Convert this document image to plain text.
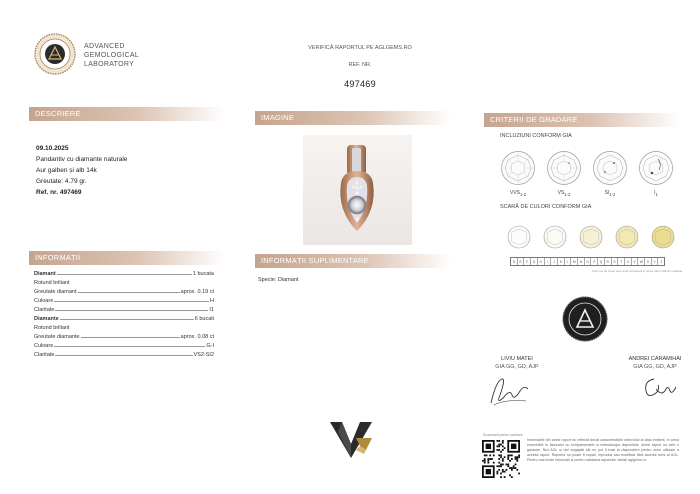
ADVANCED
GEMOLOGICAL
LABORATORY
VERIFICĂ RAPORTUL PE AGLGEMS.RO
REF. NR.
497469
DESCRIERE	IMAGINE	CRITERII DE GRADARE
INFORMAȚII	INFORMAȚII SUPLIMENTARE
09.10.2025
Pandantiv cu diamante naturale
Aur galben și alb 14k
Greutate: 4.79 gr.
Ref. nr. 497469
Diamant	1 bucata
Rotund briliant
Greutate diamant	aprox. 0.19 ct
Culoare	H
Claritate	I1
Diamante	6 bucati
Rotund briliant
Greutate diamante	aprox. 0.08 ct
Culoare	G-I
Claritate	VS2-SI2
Specie: Diamant
INCLUZIUNI CONFORM GIA
$VVS_{1-2}$	$VS_{1-2}$	$SI_{1-2}$	$I_1$
SCARĂ DE CULORI CONFORM GIA
D	E	F	G	H	I	J	K	L	M	N	O	P	Q	R	S	T	U	V	W	X	Y	Z
Schema de culori este doar ilustrativă și poate diferi față de realitate.
LIVIU MATEI
GIA GG, GD, AJP
ANDREI CARAMIHAI
GIA GG, GD, AJP
Scanează pentru validare
Informațiile din acest raport nu reflectă decât caracteristicile obiectului la data emiterii, în urma examinării în laborator cu echipamentele și metodologia disponibile. Acest raport nu este o garanție. Nici AGL și nici angajații săi nu pot fi trași la răspundere pentru orice utilizare a acestui raport. Raportul nu poate fi copiat, reprodus sau modificat fără acordul scris al AGL. Pentru mai multe informații și pentru validarea raportului vizitați aglgems.ro.
